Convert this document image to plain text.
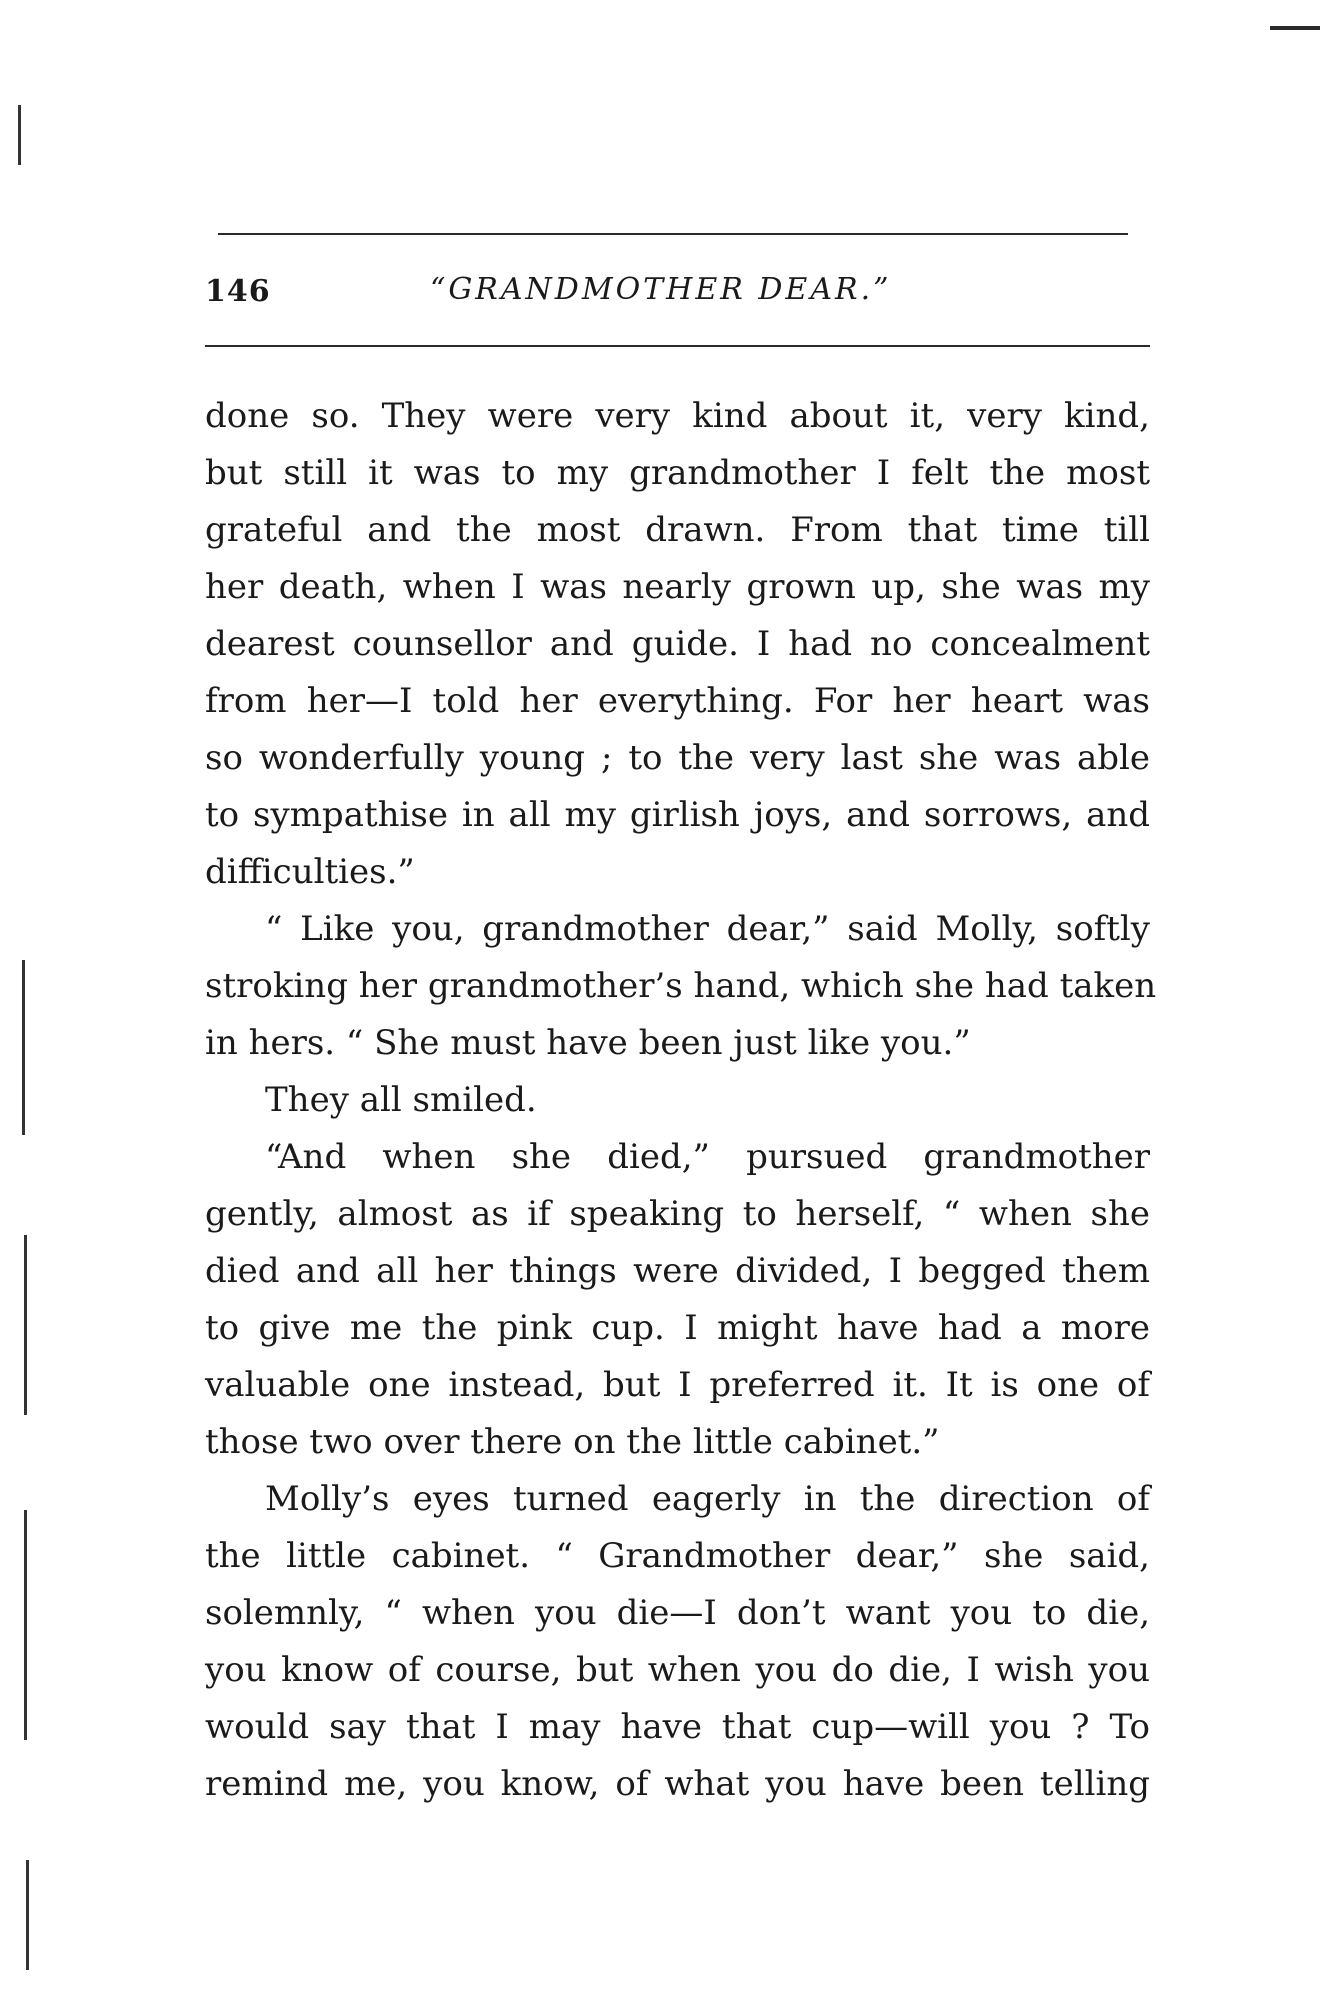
146	“GRANDMOTHER DEAR.”
done so. They were very kind about it, very kind,
but still it was to my grandmother I felt the most
grateful and the most drawn. From that time till
her death, when I was nearly grown up, she was my
dearest counsellor and guide. I had no concealment
from her—I told her everything. For her heart was
so wonderfully young ; to the very last she was able
to sympathise in all my girlish joys, and sorrows, and
difficulties.”
“ Like you, grandmother dear,” said Molly, softly
stroking her grandmother’s hand, which she had taken
in hers. “ She must have been just like you.”
They all smiled.
“And when she died,” pursued grandmother
gently, almost as if speaking to herself, “ when she
died and all her things were divided, I begged them
to give me the pink cup. I might have had a more
valuable one instead, but I preferred it. It is one of
those two over there on the little cabinet.”
Molly’s eyes turned eagerly in the direction of
the little cabinet. “ Grandmother dear,” she said,
solemnly, “ when you die—I don’t want you to die,
you know of course, but when you do die, I wish you
would say that I may have that cup—will you ? To
remind me, you know, of what you have been telling
